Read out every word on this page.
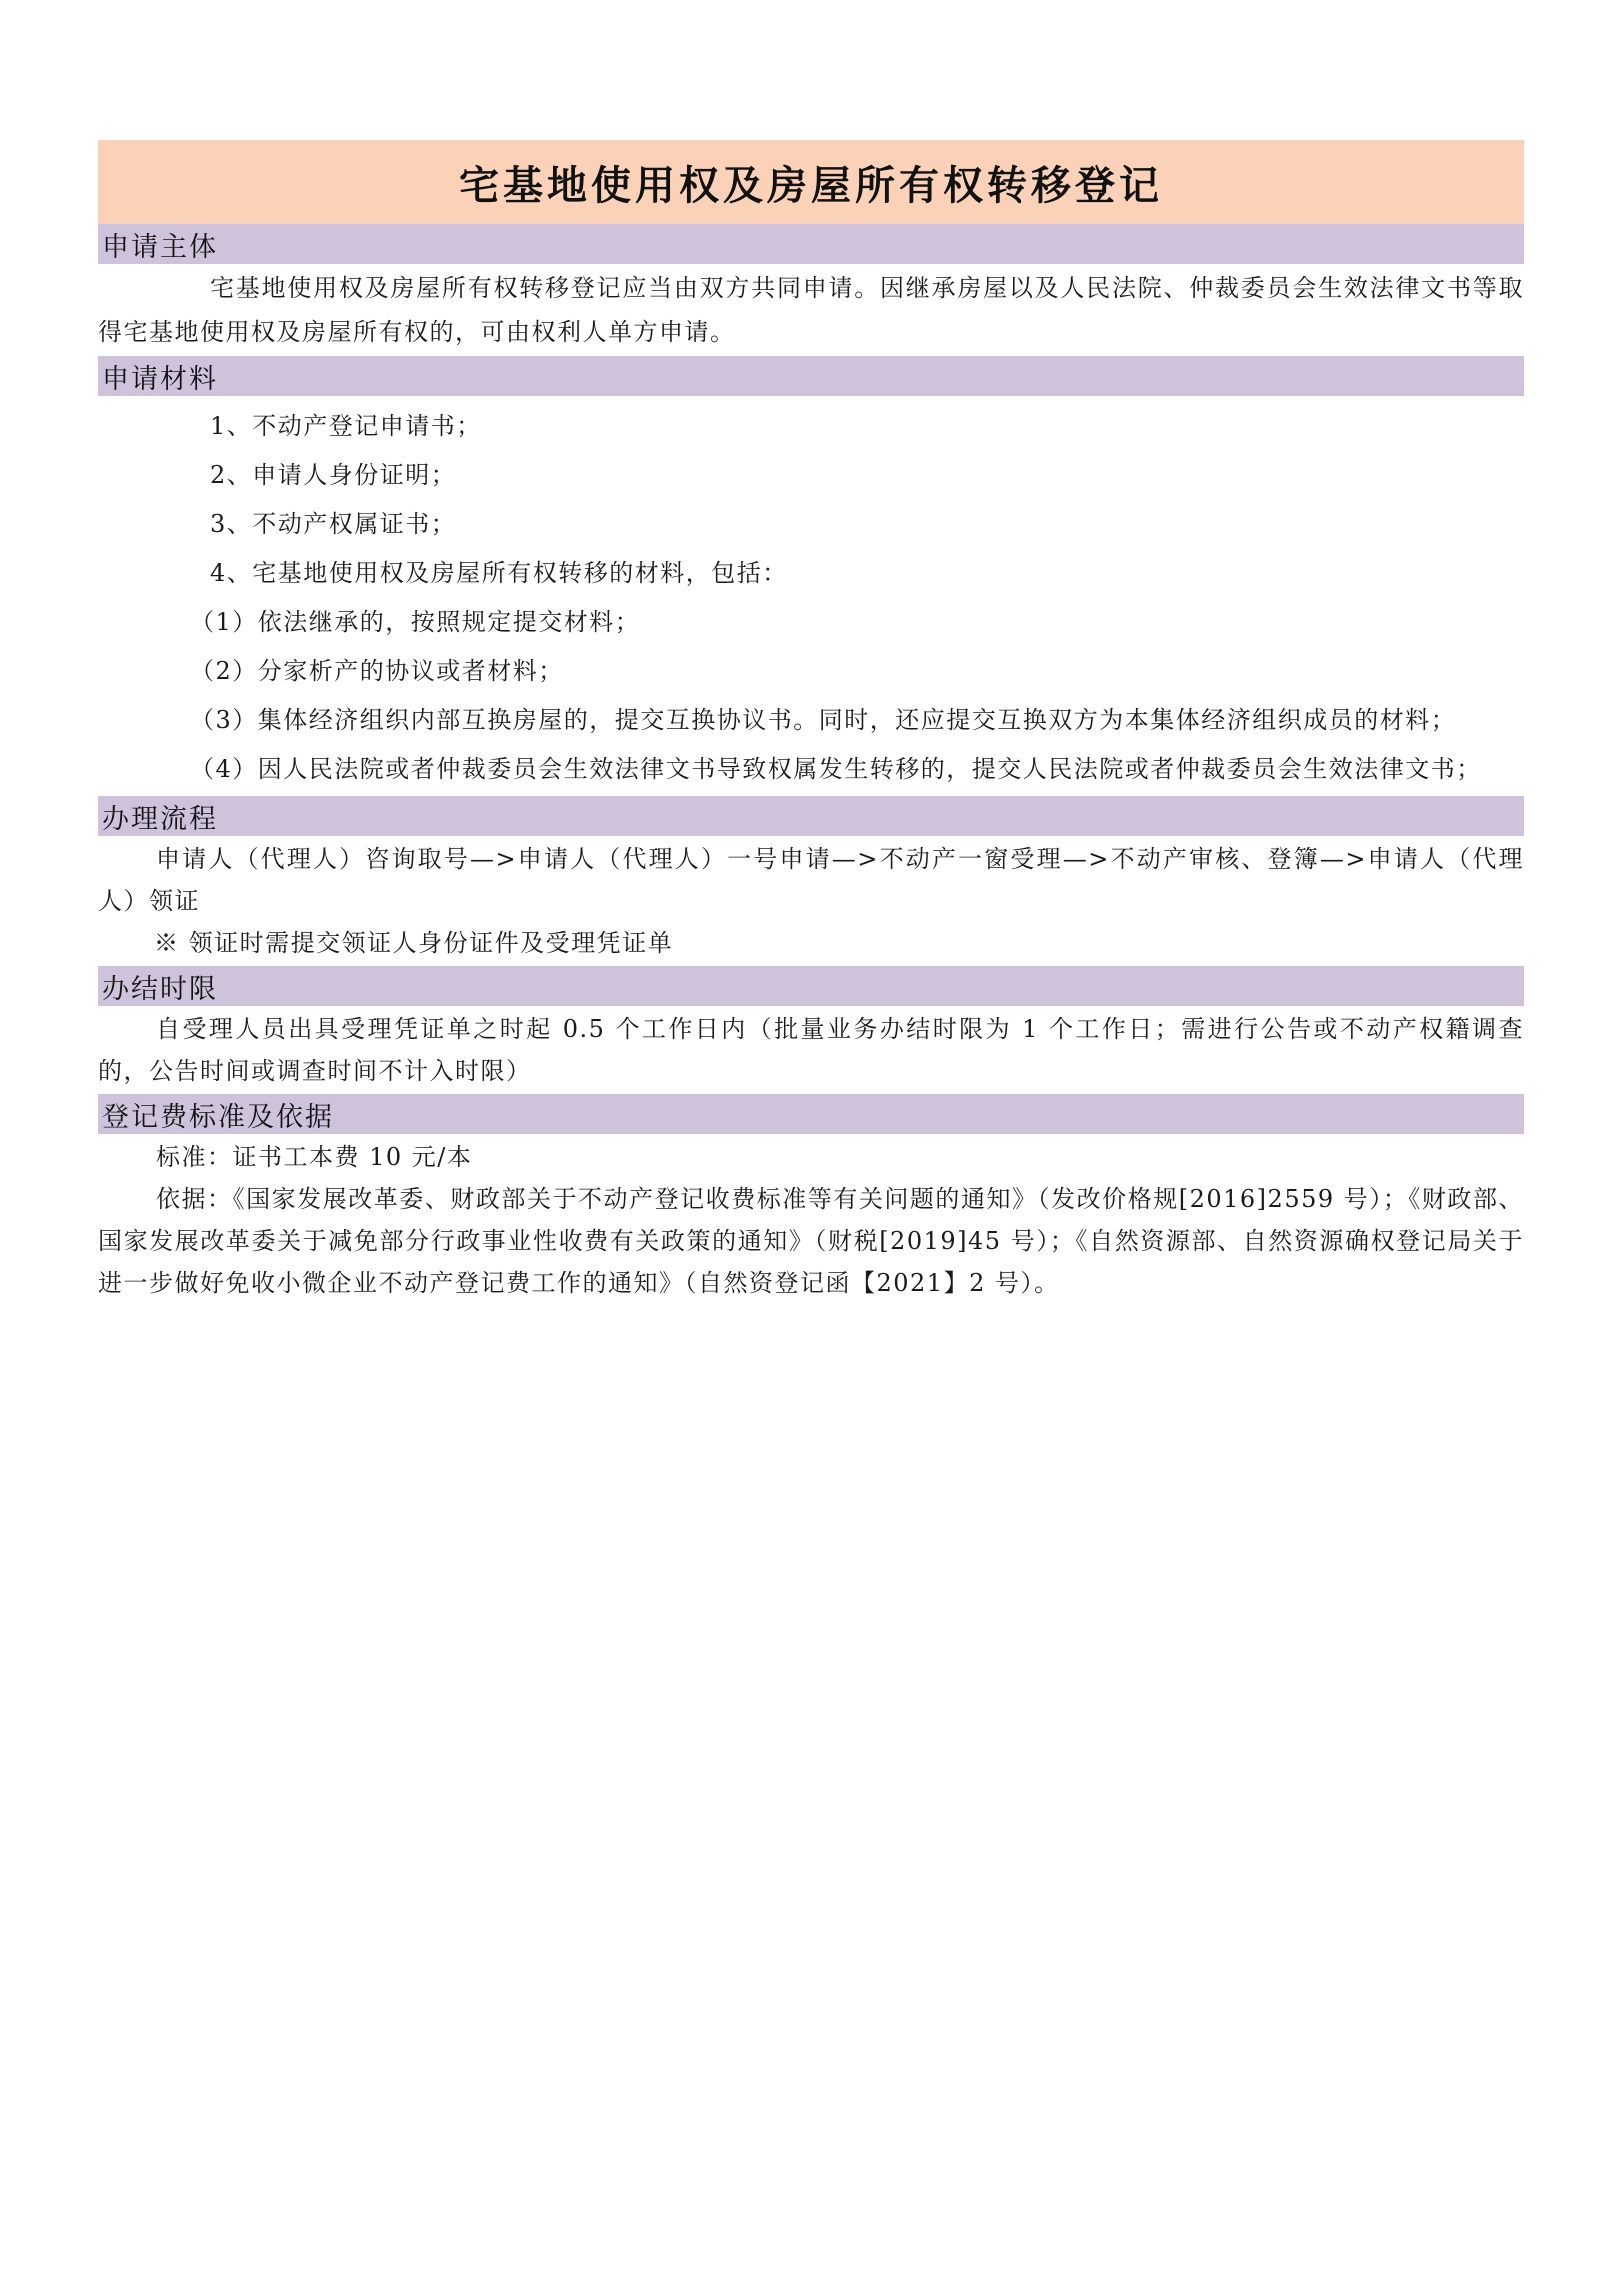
宅基地使用权及房屋所有权转移登记
申请主体

宅基地使用权及房屋所有权转移登记应当由双方共同申请。因继承房屋以及人民法院、仲裁委员会生效法律文书等取得宅基地使用权及房屋所有权的，可由权利人单方申请。

申请材料

1、不动产登记申请书；

2、申请人身份证明；

3、不动产权属证书；

4、宅基地使用权及房屋所有权转移的材料，包括：

（1）依法继承的，按照规定提交材料；

（2）分家析产的协议或者材料；

（3）集体经济组织内部互换房屋的，提交互换协议书。同时，还应提交互换双方为本集体经济组织成员的材料；

（4）因人民法院或者仲裁委员会生效法律文书导致权属发生转移的，提交人民法院或者仲裁委员会生效法律文书；

办理流程

申请人（代理人）咨询取号—>申请人（代理人）一号申请—>不动产一窗受理—>不动产审核、登簿—>申请人（代理人）领证

※ 领证时需提交领证人身份证件及受理凭证单

办结时限

自受理人员出具受理凭证单之时起 0.5 个工作日内（批量业务办结时限为 1 个工作日；需进行公告或不动产权籍调查的，公告时间或调查时间不计入时限）

登记费标准及依据

标准：证书工本费 10 元/本

依据：《国家发展改革委、财政部关于不动产登记收费标准等有关问题的通知》（发改价格规[2016]2559 号）；《财政部、国家发展改革委关于减免部分行政事业性收费有关政策的通知》（财税[2019]45 号）；《自然资源部、自然资源确权登记局关于进一步做好免收小微企业不动产登记费工作的通知》（自然资登记函【2021】2 号）。
